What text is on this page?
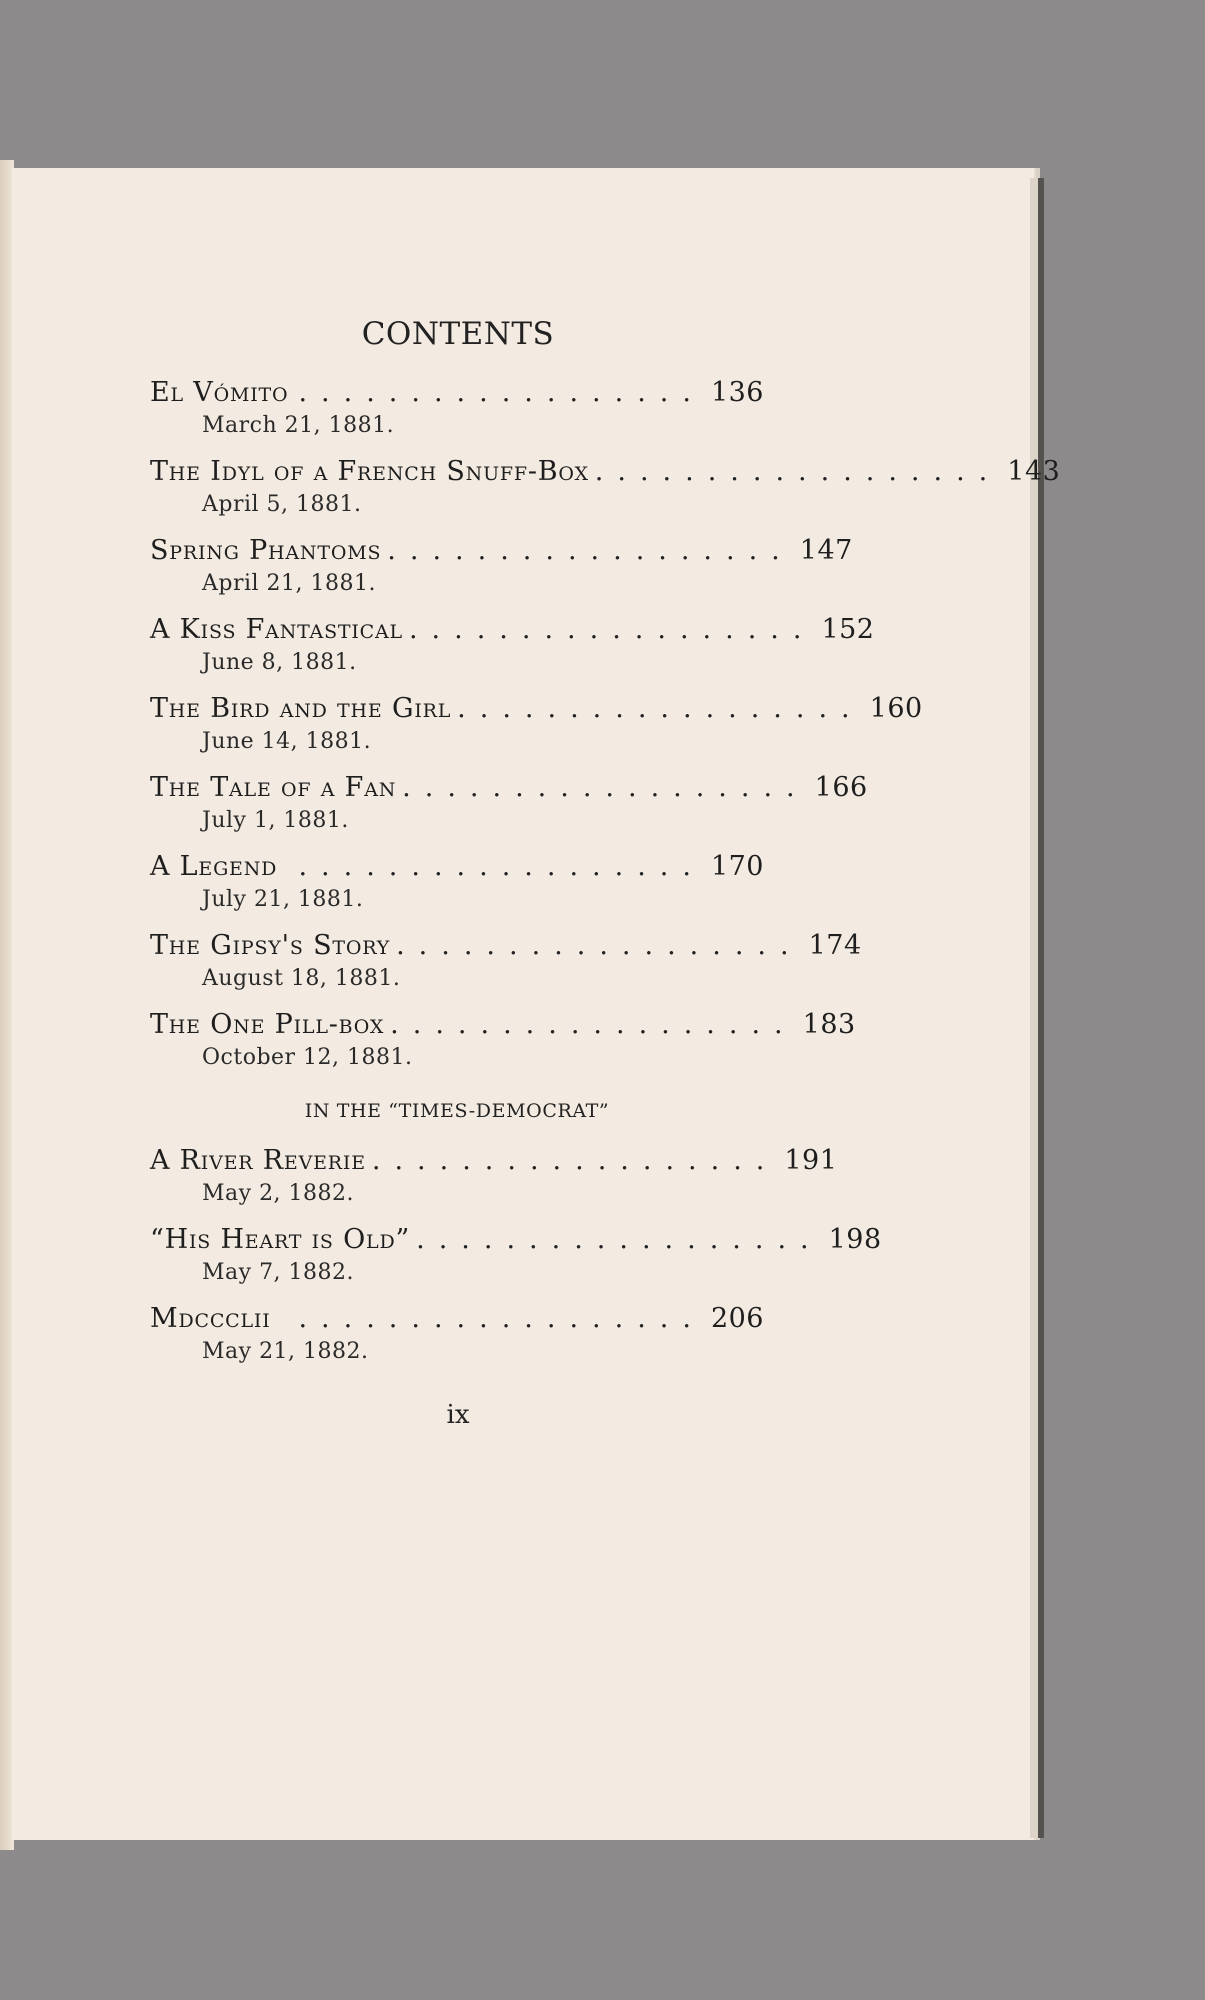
CONTENTS
El Vómito .................. 136
March 21, 1881.
The Idyl of a French Snuff-Box .................. 143
April 5, 1881.
Spring Phantoms .................. 147
April 21, 1881.
A Kiss Fantastical .................. 152
June 8, 1881.
The Bird and the Girl .................. 160
June 14, 1881.
The Tale of a Fan .................. 166
July 1, 1881.
A Legend .................. 170
July 21, 1881.
The Gipsy's Story .................. 174
August 18, 1881.
The One Pill-box .................. 183
October 12, 1881.
IN THE “TIMES-DEMOCRAT”
A River Reverie .................. 191
May 2, 1882.
“His Heart is Old” .................. 198
May 7, 1882.
Mdccclii	.................. 206
May 21, 1882.
ix
